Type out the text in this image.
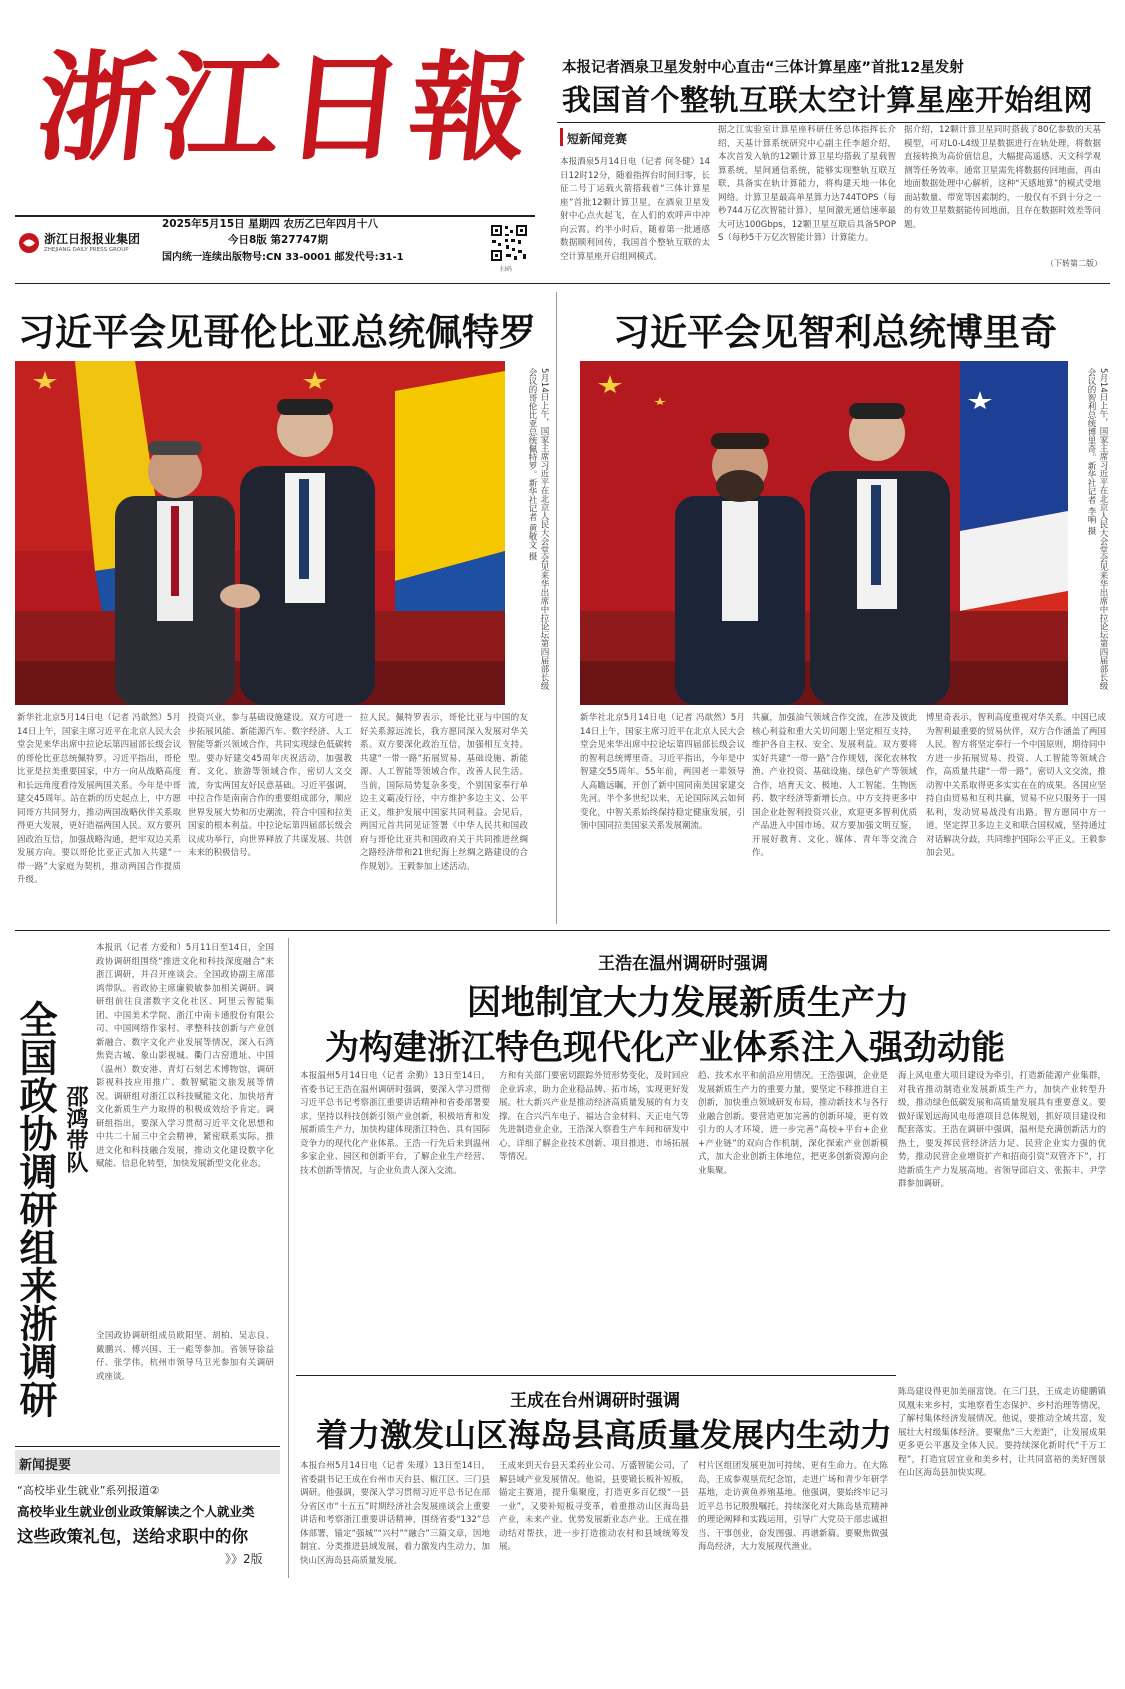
浙江日報
浙江日报报业集团
ZHEJIANG DAILY PRESS GROUP
2025年5月15日 星期四 农历乙巳年四月十八
今日8版 第27747期
国内统一连续出版物号:CN 33-0001 邮发代号:31-1
扫码
本报记者酒泉卫星发射中心直击“三体计算星座”首批12星发射
我国首个整轨互联太空计算星座开始组网
短新闻竞赛
本报酒泉5月14日电（记者 何冬健）14日12时12分，随着指挥台时间归零，长征二号丁运载火箭搭载着“三体计算星座”首批12颗计算卫星，在酒泉卫星发射中心点火起飞，在人们的欢呼声中冲向云霄。约半小时后，随着第一批通感数据顺利回传，我国首个整轨互联的太空计算星座开启组网模式。
据之江实验室计算星座科研任务总体指挥长介绍，天基计算系统研究中心副主任李超介绍，本次首发入轨的12颗计算卫星均搭载了星载智算系统，星间通信系统，能够实现整轨互联互联，具备实在轨计算能力，将构建天地一体化网络。计算卫星最高单星算力达744TOPS（每秒744万亿次智能计算），星间激光通信速率最大可达100Gbps，12颗卫星互联后具备5POPS（每秒5千万亿次智能计算）计算能力。
据介绍，12颗计算卫星同时搭载了80亿参数的天基模型，可对L0-L4级卫星数据进行在轨处理，将数据直接转换为高价值信息，大幅提高遥感、天文科学观测等任务效率。通常卫星需先将数据传回地面，再由地面数据处理中心解析，这种“天感地算”的模式受地面站数量、带宽等因素制约，一般仅有不到十分之一的有效卫星数据能传回地面，且存在数据时效差等问题。
（下转第二版）
习近平会见哥伦比亚总统佩特罗
5月14日上午，国家主席习近平在北京人民大会堂会见来华出席中拉论坛第四届部长级会议的哥伦比亚总统佩特罗。新华社记者 黄敬文 摄
新华社北京5月14日电（记者 冯歆然）5月14日上午，国家主席习近平在北京人民大会堂会见来华出席中拉论坛第四届部长级会议的哥伦比亚总统佩特罗。习近平指出，哥伦比亚是拉美重要国家，中方一向从战略高度和长远角度看待发展两国关系。今年是中哥建交45周年。站在新的历史起点上，中方愿同哥方共同努力，推动两国战略伙伴关系取得更大发展，更好造福两国人民。双方要巩固政治互信，加强战略沟通，把牢双边关系发展方向。要以哥伦比亚正式加入共建“一带一路”大家庭为契机，推动两国合作提质升级。
投资兴业，参与基础设施建设。双方可进一步拓展风能、新能源汽车、数字经济、人工智能等新兴领域合作，共同实现绿色低碳转型。要办好建交45周年庆祝活动，加强教育、文化、旅游等领域合作，密切人文交流，夯实两国友好民意基础。习近平强调，中拉合作是南南合作的重要组成部分，顺应世界发展大势和历史潮流，符合中国和拉美国家的根本利益。中拉论坛第四届部长级会议成功举行，向世界释放了共谋发展、共创未来的积极信号。
拉人民。佩特罗表示，哥伦比亚与中国的友好关系源远流长，我方愿同深入发展对华关系。双方要深化政治互信，加强相互支持。共建“一带一路”拓展贸易、基础设施、新能源、人工智能等领域合作，改善人民生活。当前，国际局势复杂多变，个别国家奉行单边主义霸凌行径，中方维护多边主义、公平正义，维护发展中国家共同利益。会见后，两国元首共同见证签署《中华人民共和国政府与哥伦比亚共和国政府关于共同推进丝绸之路经济带和21世纪海上丝绸之路建设的合作规划》。王毅参加上述活动。
习近平会见智利总统博里奇
5月14日上午，国家主席习近平在北京人民大会堂会见来华出席中拉论坛第四届部长级会议的智利总统博里奇。新华社记者 李响 摄
新华社北京5月14日电（记者 冯歆然）5月14日上午，国家主席习近平在北京人民大会堂会见来华出席中拉论坛第四届部长级会议的智利总统博里奇。习近平指出，今年是中智建交55周年。55年前，两国老一辈领导人高瞻远瞩，开创了新中国同南美国家建交先河。半个多世纪以来，无论国际风云如何变化，中智关系始终保持稳定健康发展，引领中国同拉美国家关系发展潮流。
共赢，加强油气领域合作交流，在涉及彼此核心利益和重大关切问题上坚定相互支持，维护各自主权、安全、发展利益。双方要将实好共建“一带一路”合作规划，深化农林牧渔、产业投资、基础设施、绿色矿产等领域合作，培育天文、极地、人工智能、生物医药、数字经济等新增长点。中方支持更多中国企业赴智利投资兴业，欢迎更多智利优质产品进入中国市场。双方要加强文明互鉴，开展好教育、文化、媒体、青年等交流合作。
博里奇表示，智利高度重视对华关系。中国已成为智利最重要的贸易伙伴，双方合作涵盖了两国人民。智方将坚定奉行一个中国原则，期待同中方进一步拓展贸易、投资、人工智能等领域合作，高质量共建“一带一路”，密切人文交流，推动智中关系取得更多实实在在的成果。各国应坚持自由贸易和互利共赢，贸易不应只服务于一国私利，发动贸易战没有出路。智方愿同中方一道，坚定捍卫多边主义和联合国权威，坚持通过对话解决分歧，共同维护国际公平正义。王毅参加会见。
全国政协调研组来浙调研 邵鸿带队
本报讯（记者 方爱和）5月11日至14日，全国政协调研组围绕“推进文化和科技深度融合”来浙江调研，并召开座谈会。全国政协副主席邵鸿带队。省政协主席廉毅敏参加相关调研。调研组前往良渚数字文化社区、阿里云智能集团、中国美术学院、浙江中南卡通股份有限公司、中国网络作家村、孝整科技创新与产业创新融合、数字文化产业发展等情况，深入石湾焦瓷古城、象山影视城、衢门古窑遗址、中国（温州）数安港、青灯石刻艺术博物馆，调研影视科技应用推广、数智赋能文旅发展等情况。调研组对浙江以科技赋能文化、加快培育文化新质生产力取得的积极成效给予肯定。调研组指出，要深入学习贯彻习近平文化思想和中共二十届三中全会精神，紧密联系实际，推进文化和科技融合发展，推动文化建设数字化赋能、信息化转型，加快发展新型文化业态。
全国政协调研组成员欧阳坚、胡柏、吴志良、戴鹏兴、傅兴国、王一彪等参加。省领导徐益仔、张学伟，杭州市领导马卫光参加有关调研或座谈。
新闻提要
“高校毕业生就业”系列报道②
高校毕业生就业创业政策解读之个人就业类
这些政策礼包，送给求职中的你
》》2版
王浩在温州调研时强调
因地制宜大力发展新质生产力
为构建浙江特色现代化产业体系注入强劲动能
本报温州5月14日电（记者 余勤）13日至14日，省委书记王浩在温州调研时强调，要深入学习贯彻习近平总书记考察浙江重要讲话精神和省委部署要求，坚持以科技创新引领产业创新，积极培育和发展新质生产力，加快构建体现浙江特色、具有国际竞争力的现代化产业体系。王浩一行先后来到温州多家企业、园区和创新平台，了解企业生产经营、技术创新等情况，与企业负责人深入交流。
方和有关部门要密切跟踪外贸形势变化，及时回应企业诉求，助力企业稳品牌、拓市场，实现更好发展。杜大新兴产业是推动经济高质量发展的有力支撑。在合兴汽车电子、福达合金材料、天正电气等先进制造业企业，王浩深入察看生产车间和研发中心，详细了解企业技术创新、项目推进、市场拓展等情况。
趋、技术水平和前沿应用情况。王浩强调，企业是发展新质生产力的重要力量，要坚定不移推进自主创新，加快重点领域研发布局，推动新技术与各行业融合创新。要营造更加完善的创新环境，更有效引力的人才环境，进一步完善“高校+平台+企业+产业链”的双向合作机制，深化探索产业创新模式，加大企业创新主体地位，把更多创新资源向企业集聚。
海上风电重大项目建设为牵引，打造新能源产业集群，对我省推动制造业发展新质生产力，加快产业转型升级，推动绿色低碳发展和高质量发展具有重要意义。要做好谋划远海风电母港项目总体规划，抓好项目建设和配套落实。王浩在调研中强调，温州是充满创新活力的热土，要发挥民营经济活力足、民营企业实力强的优势，推动民营企业增资扩产和招商引资“双管齐下”，打造新质生产力发展高地。省领导邱启文、张振丰、尹学群参加调研。
王成在台州调研时强调
着力激发山区海岛县高质量发展内生动力
本报台州5月14日电（记者 朱瑾）13日至14日，省委副书记王成在台州市天台县、椒江区、三门县调研。他强调，要深入学习贯彻习近平总书记在部分省区市“十五五”时期经济社会发展座谈会上重要讲话和考察浙江重要讲话精神，围绕省委“132”总体部署，锚定“强城”“兴村”“融合”三篇文章，因地制宜、分类推进县域发展，着力激发内生动力，加快山区海岛县高质量发展。
王成来到天台县天柔药业公司、万盛智能公司，了解县域产业发展情况。他说，县要锻长板补短板，锚定主赛道，提升集聚度，打造更多百亿级“一县一业”，又要补短板寻变革，着重推动山区海岛县产业，未来产业、优势发展新业态产业。王成在推动结对帮扶，进一步打造推动农村和县域统筹发展。
村片区组团发展更加可持续、更有生命力。在大陈岛，王成参观垦荒纪念馆，走进广场和青少年研学基地，走访黄鱼养殖基地。他强调，要始终牢记习近平总书记殷殷嘱托，持续深化对大陈岛垦荒精神的理论阐释和实践运用，引导广大党员干部忠诚担当、干事创业，奋发图强、再谱新篇。要聚焦做强海岛经济，大力发展现代渔业。
陈岛建设得更加美丽富饶。在三门县，王成走访健鹏镇凤凰未来乡村，实地察看生态保护、乡村治理等情况，了解村集体经济发展情况。他说，要推动全域共富，发展壮大村级集体经济。要聚焦“三大差距”，让发展成果更多更公平惠及全体人民。要持续深化新时代“千万工程”，打造宜居宜业和美乡村，让共同富裕的美好图景在山区海岛县加快实现。
